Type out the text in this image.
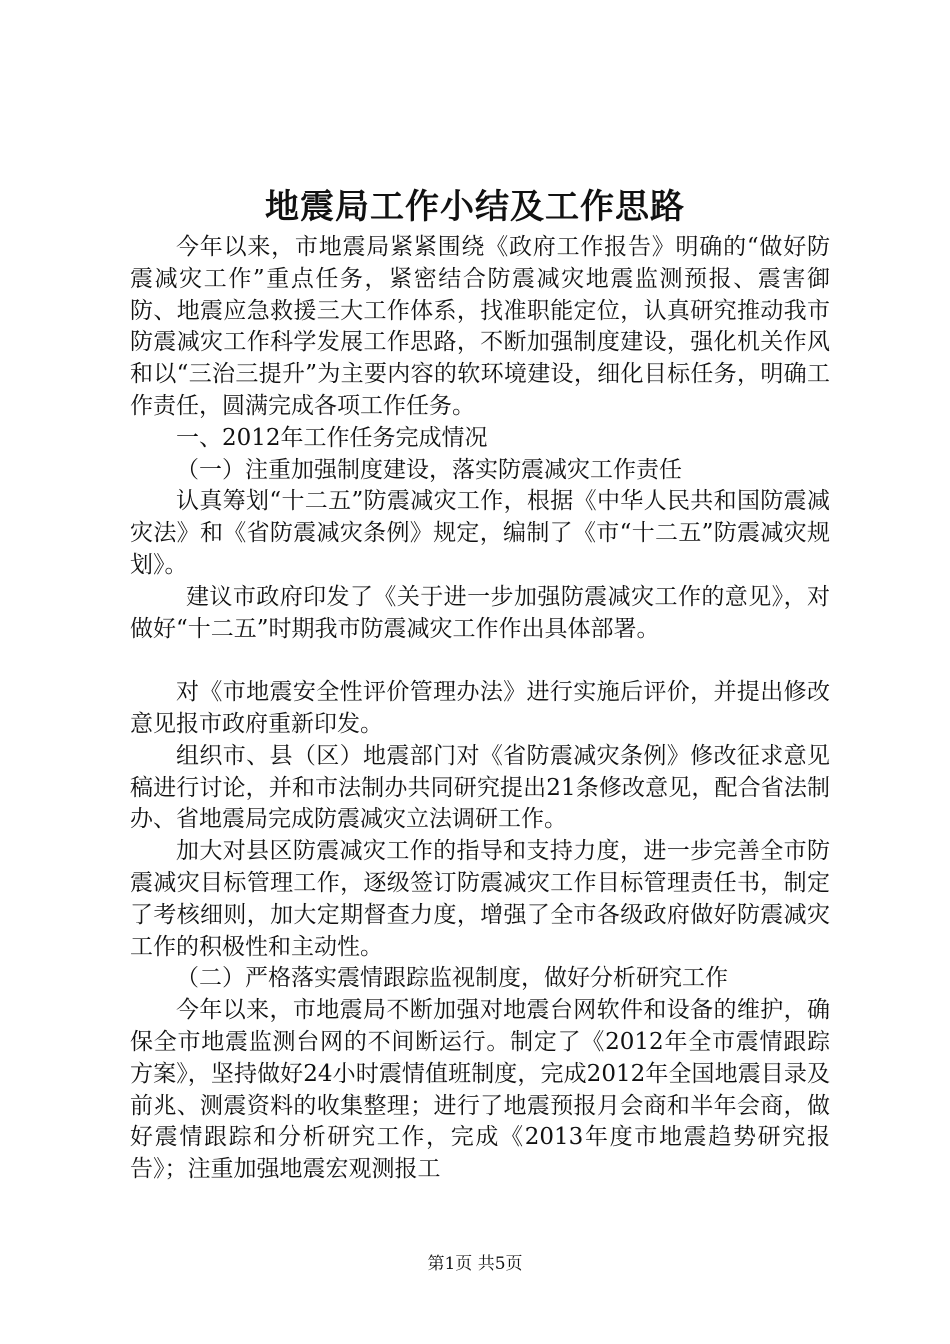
地震局工作小结及工作思路

今年以来，市地震局紧紧围绕《政府工作报告》明确的“做好防震减灾工作”重点任务，紧密结合防震减灾地震监测预报、震害御防、地震应急救援三大工作体系，找准职能定位，认真研究推动我市防震减灾工作科学发展工作思路，不断加强制度建设，强化机关作风和以“三治三提升”为主要内容的软环境建设，细化目标任务，明确工作责任，圆满完成各项工作任务。

一、2012年工作任务完成情况

（一）注重加强制度建设，落实防震减灾工作责任

认真筹划“十二五”防震减灾工作，根据《中华人民共和国防震减灾法》和《省防震减灾条例》规定，编制了《市“十二五”防震减灾规划》。

建议市政府印发了《关于进一步加强防震减灾工作的意见》，对做好“十二五”时期我市防震减灾工作作出具体部署。

对《市地震安全性评价管理办法》进行实施后评价，并提出修改意见报市政府重新印发。

组织市、县（区）地震部门对《省防震减灾条例》修改征求意见稿进行讨论，并和市法制办共同研究提出21条修改意见，配合省法制办、省地震局完成防震减灾立法调研工作。

加大对县区防震减灾工作的指导和支持力度，进一步完善全市防震减灾目标管理工作，逐级签订防震减灾工作目标管理责任书，制定了考核细则，加大定期督查力度，增强了全市各级政府做好防震减灾工作的积极性和主动性。

（二）严格落实震情跟踪监视制度，做好分析研究工作

今年以来，市地震局不断加强对地震台网软件和设备的维护，确保全市地震监测台网的不间断运行。制定了《2012年全市震情跟踪方案》，坚持做好24小时震情值班制度，完成2012年全国地震目录及前兆、测震资料的收集整理；进行了地震预报月会商和半年会商，做好震情跟踪和分析研究工作，完成《2013年度市地震趋势研究报告》；注重加强地震宏观测报工

第1页 共5页
